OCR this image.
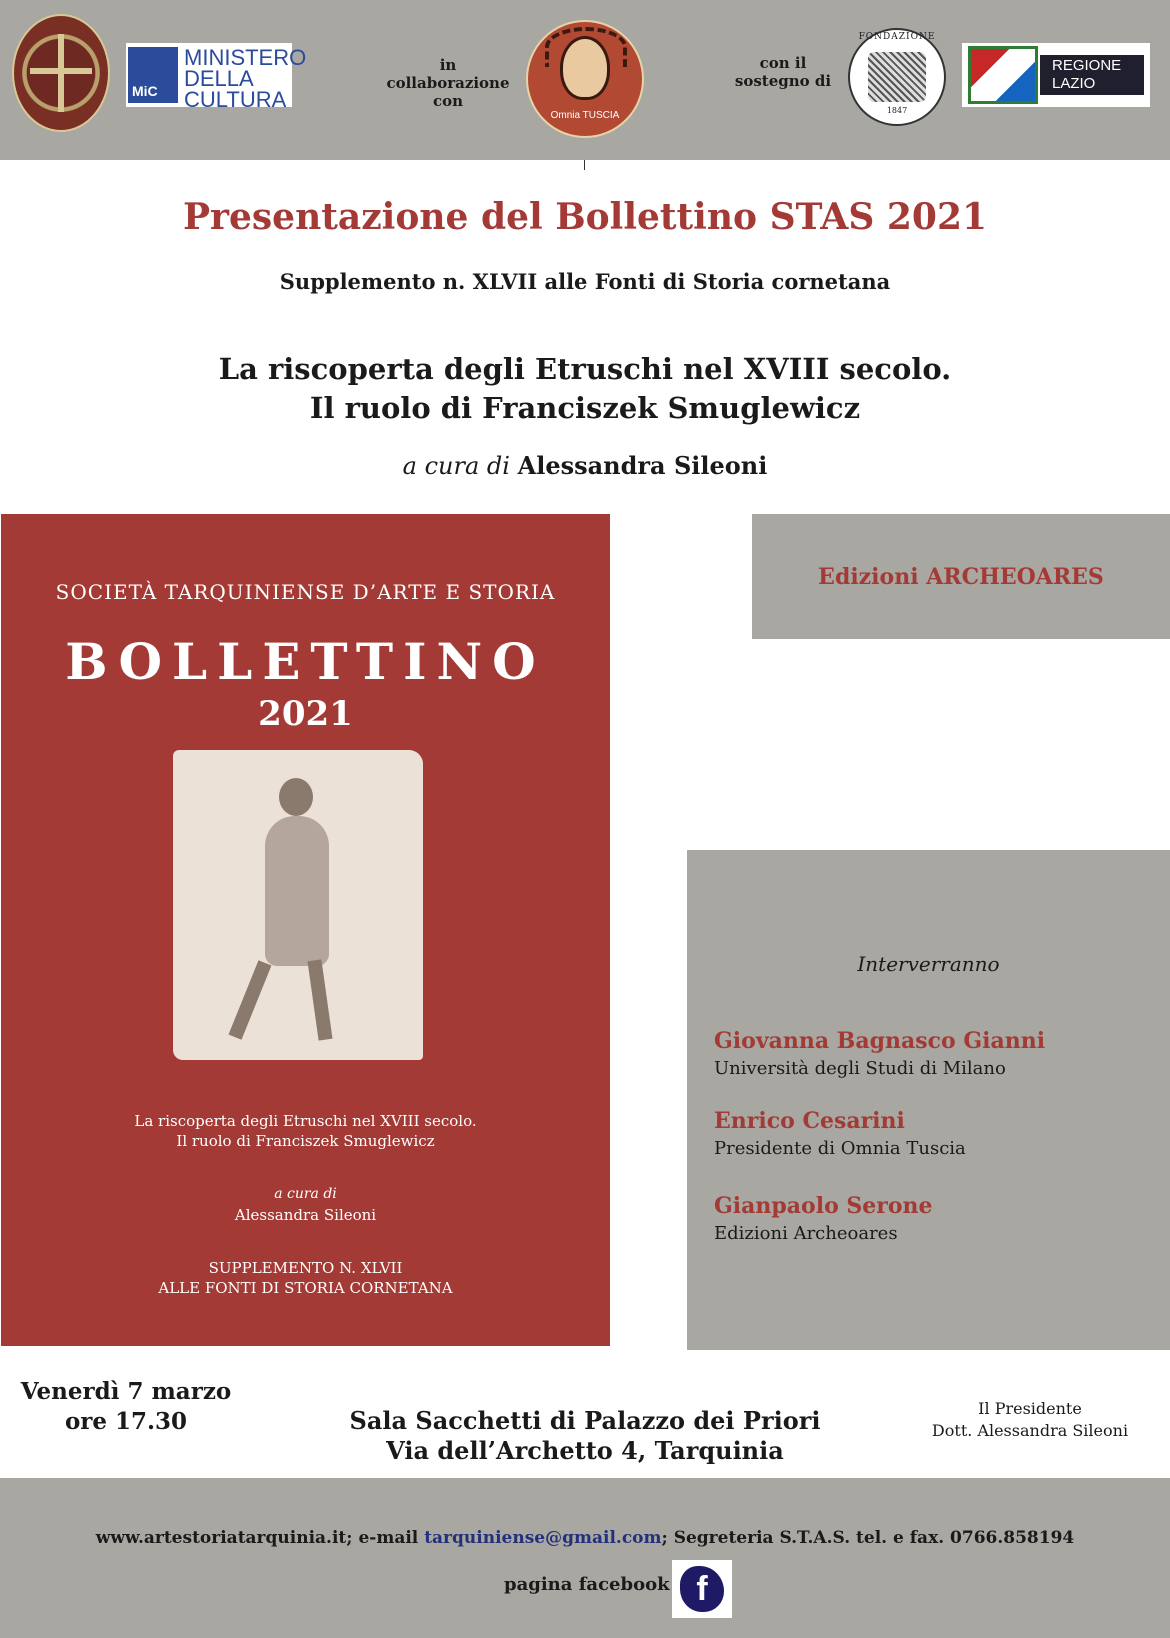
MiC
MINISTERO
DELLA
CULTURA
in collaborazione con
Omnia TUSCIA
con il sostegno di
FONDAZIONE
1847
REGIONE
LAZIO
Presentazione del Bollettino STAS 2021
Supplemento n. XLVII alle Fonti di Storia cornetana
La riscoperta degli Etruschi nel XVIII secolo.
Il ruolo di Franciszek Smuglewicz
a cura di Alessandra Sileoni
SOCIETÀ TARQUINIENSE D’ARTE E STORIA
BOLLETTINO
2021
La riscoperta degli Etruschi nel XVIII secolo.
Il ruolo di Franciszek Smuglewicz
a cura di
Alessandra Sileoni
SUPPLEMENTO N. XLVII
ALLE FONTI DI STORIA CORNETANA
Edizioni ARCHEOARES
Interverranno
Giovanna Bagnasco Gianni
Università degli Studi di Milano
Enrico Cesarini
Presidente di Omnia Tuscia
Gianpaolo Serone
Edizioni Archeoares
Venerdì 7 marzo
ore 17.30	Sala Sacchetti di Palazzo dei Priori
Via dell’Archetto 4, Tarquinia
Il Presidente
Dott. Alessandra Sileoni
www.artestoriatarquinia.it; e-mail tarquiniense@gmail.com; Segreteria S.T.A.S. tel. e fax. 0766.858194
pagina facebook f
